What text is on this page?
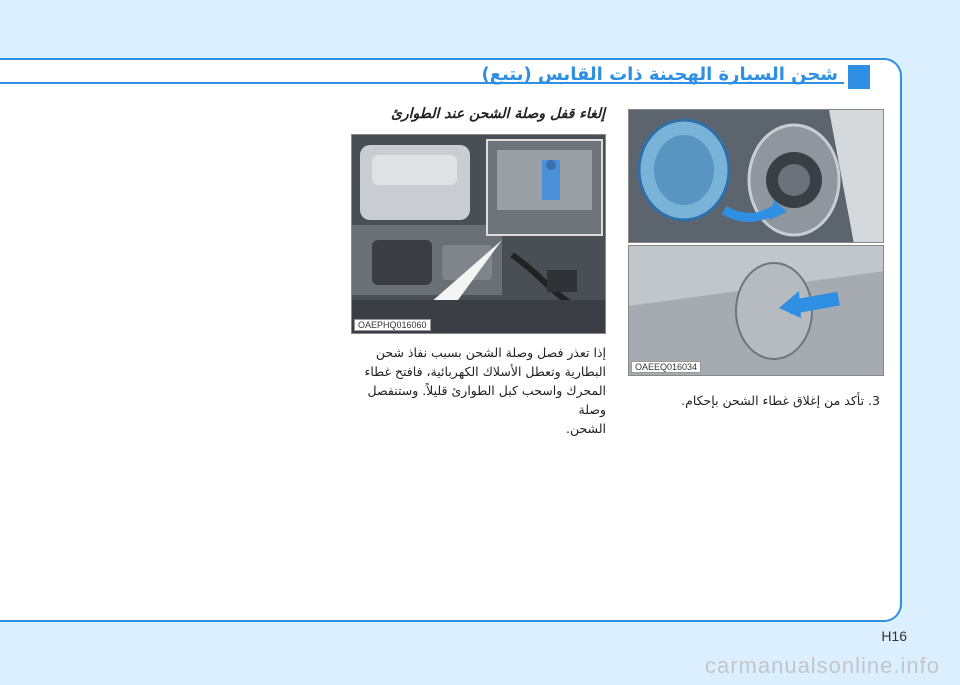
شحن السيارة الهجينة ذات القابس (يتبع)
إلغاء قفل وصلة الشحن عند الطوارئ
OAEPHQ016060
OAEEQ016034

إذا تعذر فصل وصلة الشحن بسبب نفاذ شحن

البطارية وتعطل الأسلاك الكهربائية، فافتح غطاء

المحرك واسحب كبل الطوارئ قليلاً. وستنفصل وصلة

الشحن.

3. تأكد من إغلاق غطاء الشحن بإحكام.
H16
carmanualsonline.info
